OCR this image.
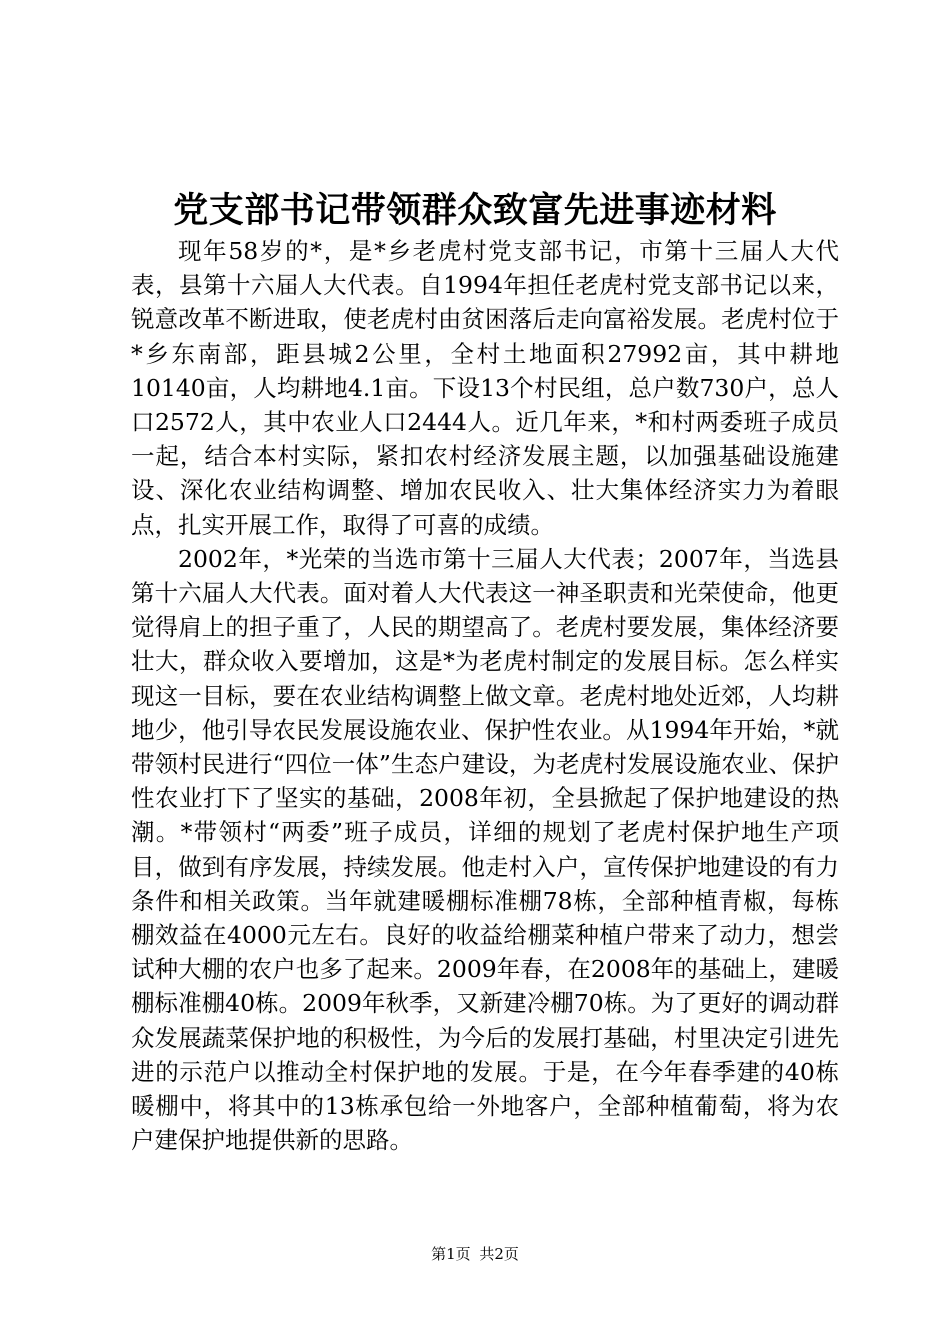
党支部书记带领群众致富先进事迹材料

现年58岁的*，是*乡老虎村党支部书记，市第十三届人大代表，县第十六届人大代表。自1994年担任老虎村党支部书记以来，锐意改革不断进取，使老虎村由贫困落后走向富裕发展。老虎村位于*乡东南部，距县城2公里，全村土地面积27992亩，其中耕地10140亩，人均耕地4.1亩。下设13个村民组，总户数730户，总人口2572人，其中农业人口2444人。近几年来，*和村两委班子成员一起，结合本村实际，紧扣农村经济发展主题，以加强基础设施建设、深化农业结构调整、增加农民收入、壮大集体经济实力为着眼点，扎实开展工作，取得了可喜的成绩。

2002年，*光荣的当选市第十三届人大代表；2007年，当选县第十六届人大代表。面对着人大代表这一神圣职责和光荣使命，他更觉得肩上的担子重了，人民的期望高了。老虎村要发展，集体经济要壮大，群众收入要增加，这是*为老虎村制定的发展目标。怎么样实现这一目标，要在农业结构调整上做文章。老虎村地处近郊，人均耕地少，他引导农民发展设施农业、保护性农业。从1994年开始，*就带领村民进行“四位一体”生态户建设，为老虎村发展设施农业、保护性农业打下了坚实的基础，2008年初，全县掀起了保护地建设的热潮。*带领村“两委”班子成员，详细的规划了老虎村保护地生产项目，做到有序发展，持续发展。他走村入户，宣传保护地建设的有力条件和相关政策。当年就建暖棚标准棚78栋，全部种植青椒，每栋棚效益在4000元左右。良好的收益给棚菜种植户带来了动力，想尝试种大棚的农户也多了起来。2009年春，在2008年的基础上，建暖棚标准棚40栋。2009年秋季，又新建冷棚70栋。为了更好的调动群众发展蔬菜保护地的积极性，为今后的发展打基础，村里决定引进先进的示范户以推动全村保护地的发展。于是，在今年春季建的40栋暖棚中，将其中的13栋承包给一外地客户，全部种植葡萄，将为农户建保护地提供新的思路。

第1页 共2页
